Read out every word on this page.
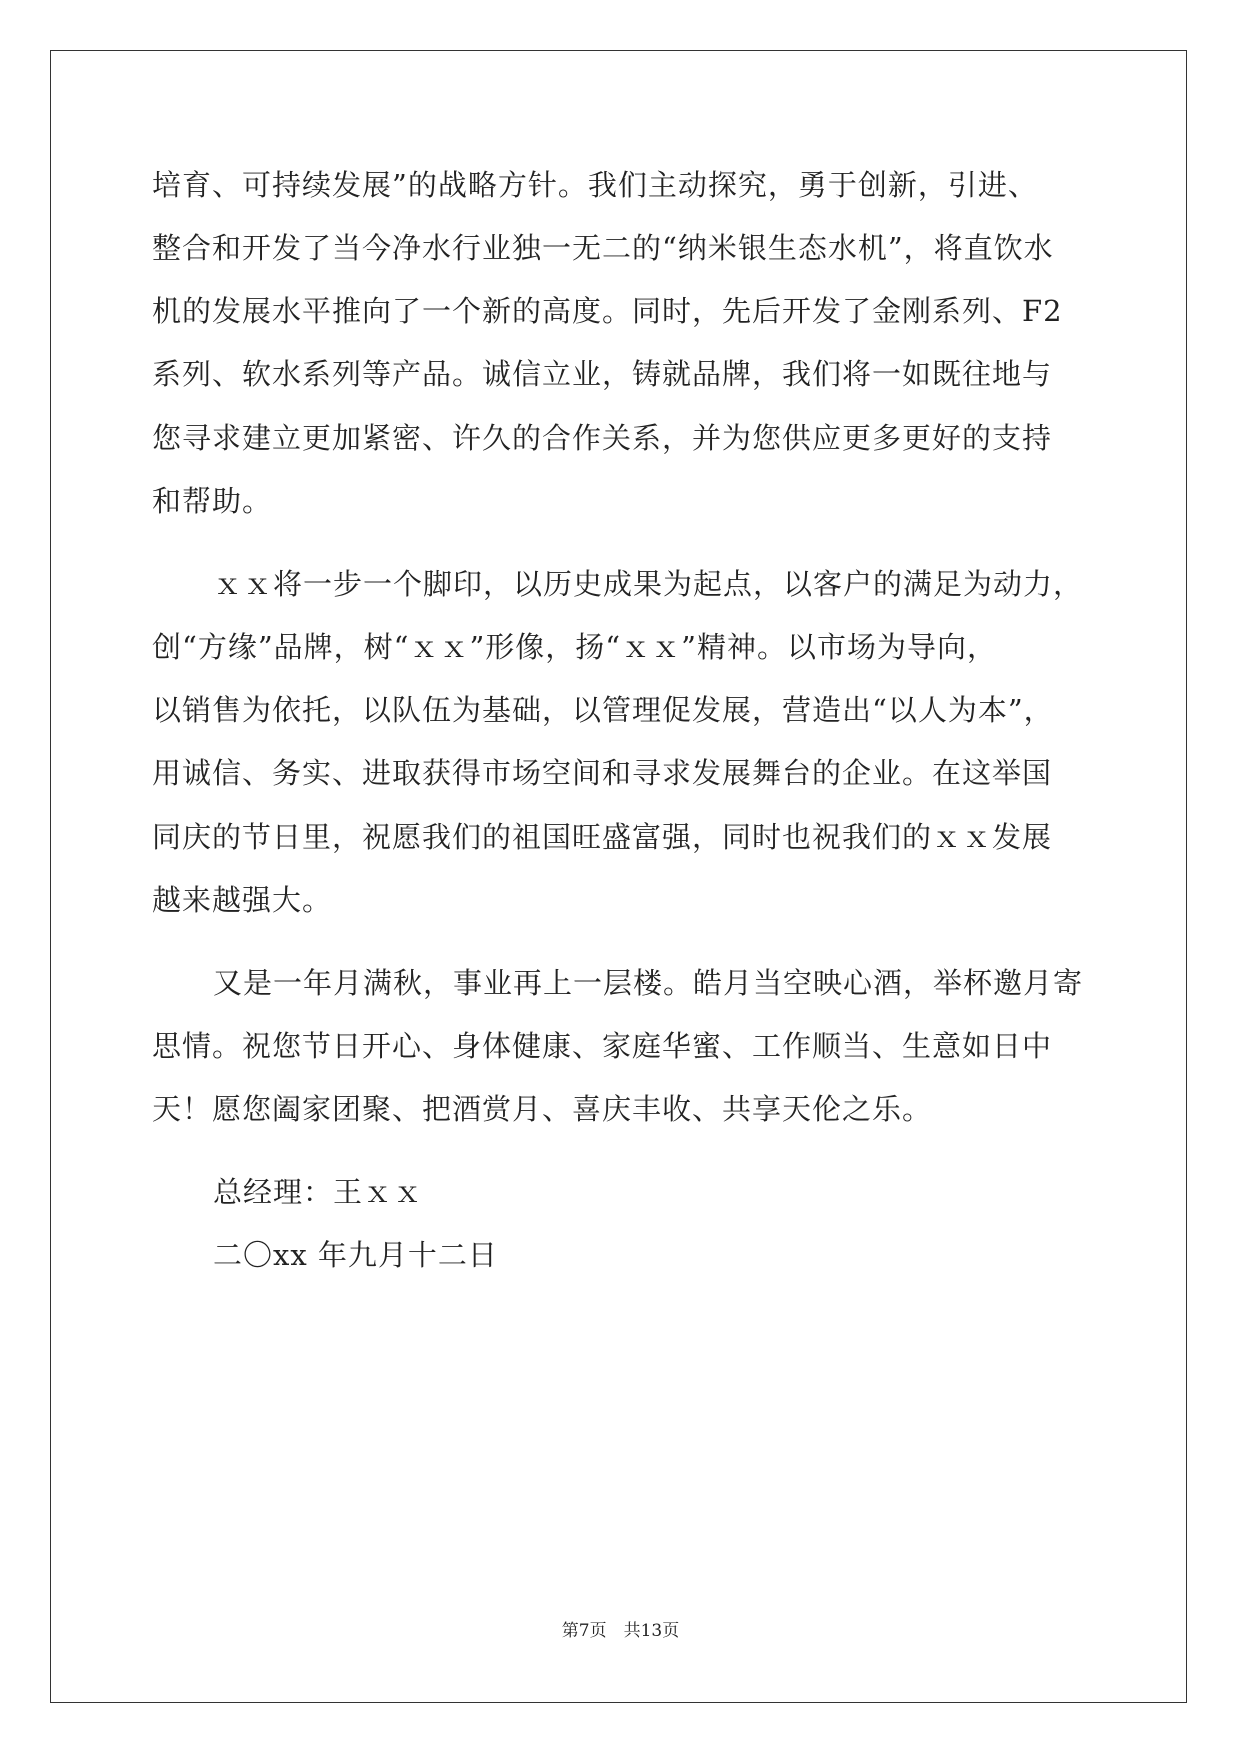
培育、可持续发展”的战略方针。我们主动探究，勇于创新，引进、

整合和开发了当今净水行业独一无二的“纳米银生态水机”，将直饮水

机的发展水平推向了一个新的高度。同时，先后开发了金刚系列、F2

系列、软水系列等产品。诚信立业，铸就品牌，我们将一如既往地与

您寻求建立更加紧密、许久的合作关系，并为您供应更多更好的支持

和帮助。

ｘｘ将一步一个脚印，以历史成果为起点，以客户的满足为动力，

创“方缘”品牌，树“ｘｘ”形像，扬“ｘｘ”精神。以市场为导向，

以销售为依托，以队伍为基础，以管理促发展，营造出“以人为本”，

用诚信、务实、进取获得市场空间和寻求发展舞台的企业。在这举国

同庆的节日里，祝愿我们的祖国旺盛富强，同时也祝我们的ｘｘ发展

越来越强大。

又是一年月满秋，事业再上一层楼。皓月当空映心酒，举杯邀月寄

思情。祝您节日开心、身体健康、家庭华蜜、工作顺当、生意如日中

天！愿您阖家团聚、把酒赏月、喜庆丰收、共享天伦之乐。

总经理：王ｘｘ

二〇xx 年九月十二日

第7页　共13页
